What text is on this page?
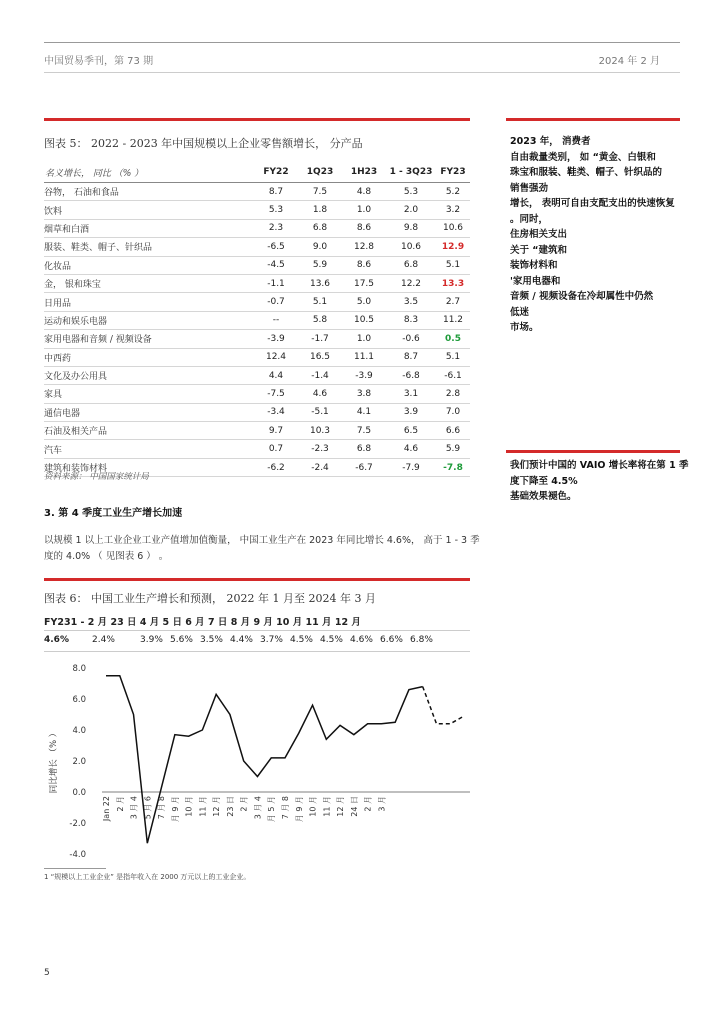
中国贸易季刊，第 73 期	2024 年 2 月
图表 5： 2022 - 2023 年中国规模以上企业零售额增长， 分产品
名义增长， 同比 （% ）	FY22	1Q23	1H23	1 - 3Q23	FY23
谷物， 石油和食品	8.7	7.5	4.8	5.3	5.2
饮料	5.3	1.8	1.0	2.0	3.2
烟草和白酒	2.3	6.8	8.6	9.8	10.6
服装、鞋类、帽子、针织品	-6.5	9.0	12.8	10.6	12.9
化妆品	-4.5	5.9	8.6	6.8	5.1
金， 银和珠宝	-1.1	13.6	17.5	12.2	13.3
日用品	-0.7	5.1	5.0	3.5	2.7
运动和娱乐电器	--	5.8	10.5	8.3	11.2
家用电器和音频 / 视频设备	-3.9	-1.7	1.0	-0.6	0.5
中西药	12.4	16.5	11.1	8.7	5.1
文化及办公用具	4.4	-1.4	-3.9	-6.8	-6.1
家具	-7.5	4.6	3.8	3.1	2.8
通信电器	-3.4	-5.1	4.1	3.9	7.0
石油及相关产品	9.7	10.3	7.5	6.5	6.6
汽车	0.7	-2.3	6.8	4.6	5.9
建筑和装饰材料	-6.2	-2.4	-6.7	-7.9	-7.8
资料来源： 中国国家统计局
2023 年， 消费者
自由裁量类别， 如 “黄金、白银和
珠宝和服装、鞋类、帽子、针织品的
销售强劲
增长， 表明可自由支配支出的快速恢复
。同时，
住房相关支出
关于 “建筑和
装饰材料和
'家用电器和
音频 / 视频设备在冷却属性中仍然
低迷
市场。
我们预计中国的 VAIO 增长率将在第 1 季
度下降至 4.5%
基础效果褪色。
3. 第 4 季度工业生产增长加速
以规模 1 以上工业企业工业产值增加值衡量， 中国工业生产在 2023 年同比增长 4.6%， 高于 1 - 3 季
度的 4.0% （ 见图表 6 ） 。
图表 6： 中国工业生产增长和预测， 2022 年 1 月至 2024 年 3 月
FY231 - 2 月 23 日 4 月 5 日 6 月 7 日 8 月 9 月 10 月 11 月 12 月
4.6%	2.4%	3.9% 5.6% 3.5% 4.4% 3.7% 4.5% 4.5% 4.6% 6.6% 6.8%
8.0
6.0
4.0
2.0
0.0
-2.0
-4.0
同比增长 （% ）
Jan 22 2 月 3 月 4 5 月 6 7 月 8 月 9 月 10 月 11 月 12 月 23 日 2 月 3 月 4 月 5 月 7 月 8 月 9 月 10 月 11 月 12 月 24 日 2 月 3 月
1 “规模以上工业企业” 是指年收入在 2000 万元以上的工业企业。
5
